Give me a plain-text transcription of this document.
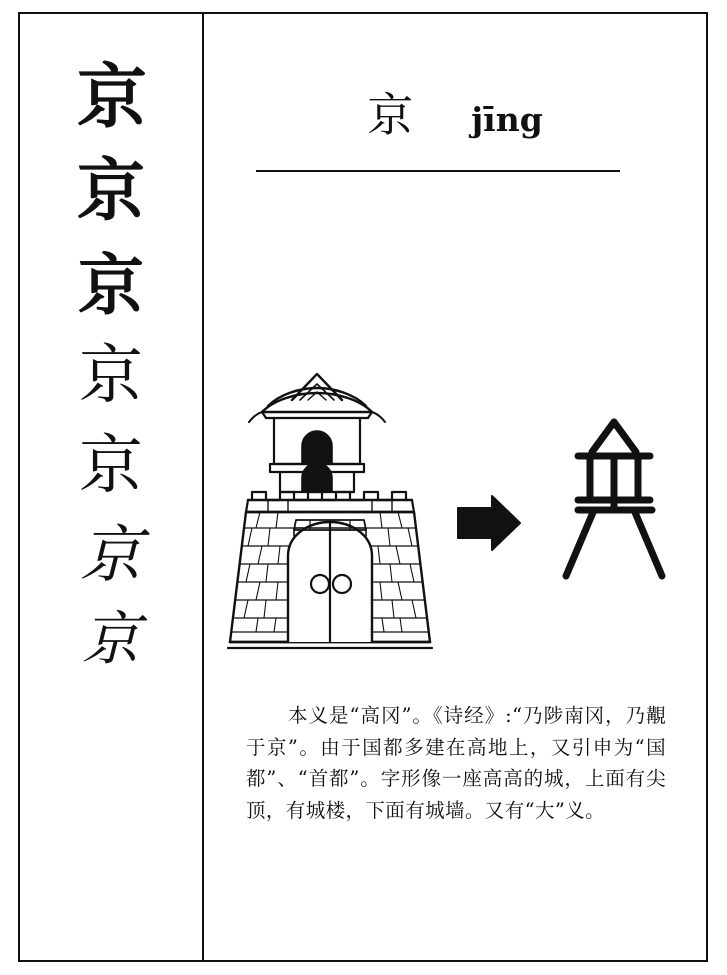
京
京
京
京
京
京
京
京 jīng
本义是“高冈”。《诗经》:“乃陟南冈，乃覯于京”。由于国都多建在高地上，又引申为“国都”、“首都”。字形像一座高高的城，上面有尖顶，有城楼，下面有城墙。又有“大”义。
